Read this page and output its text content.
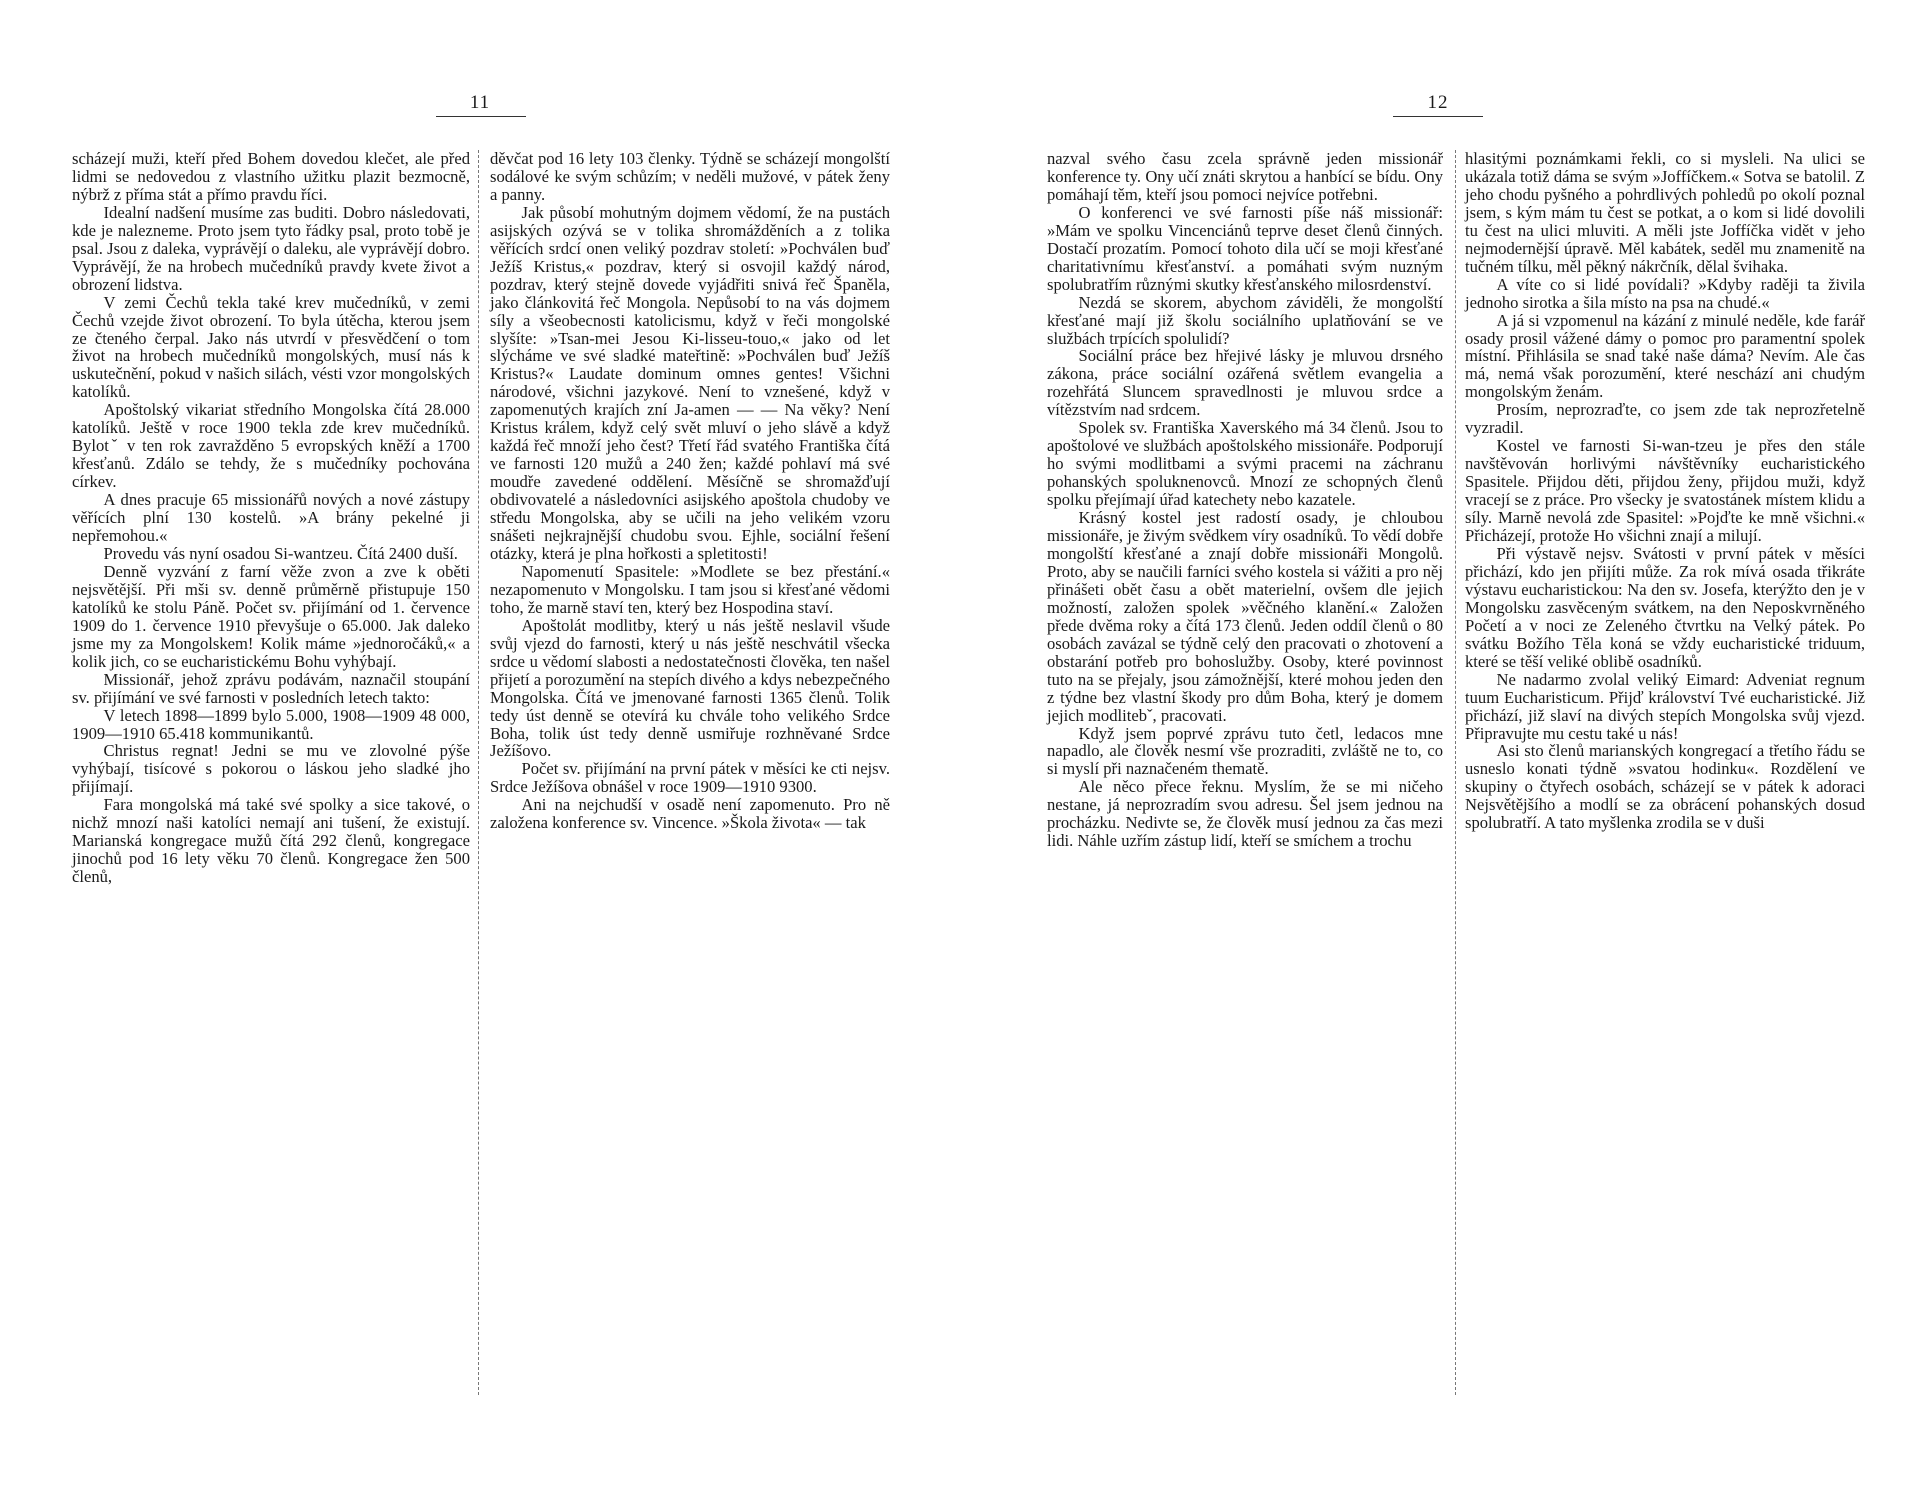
11

scházejí muži, kteří před Bohem dovedou klečet, ale před lidmi se nedovedou z vlastního užitku plazit bezmocně, nýbrž z příma stát a přímo pravdu říci.

Idealní nadšení musíme zas buditi. Dobro následovati, kde je nalezneme. Proto jsem tyto řádky psal, proto tobě je psal. Jsou z daleka, vyprávějí o daleku, ale vyprávějí dobro. Vyprávějí, že na hrobech mučedníků pravdy kvete život a obrození lidstva.

V zemi Čechů tekla také krev mučedníků, v zemi Čechů vzejde život obrození. To byla útěcha, kterou jsem ze čteného čerpal. Jako nás utvrdí v přesvědčení o tom život na hrobech mučedníků mongolských, musí nás k uskutečnění, pokud v našich silách, vésti vzor mongolských katolíků.

Apoštolský vikariat středního Mongolska čítá 28.000 katolíků. Ještě v roce 1900 tekla zde krev mučedníků. Bylotˇ v ten rok zavražděno 5 evropských kněží a 1700 křesťanů. Zdálo se tehdy, že s mučedníky pochována církev.

A dnes pracuje 65 missionářů nových a nové zástupy věřících plní 130 kostelů. »A brány pekelné ji nepřemohou.«

Provedu vás nyní osadou Si-wantzeu. Čítá 2400 duší.

Denně vyzvání z farní věže zvon a zve k oběti nejsvětější. Při mši sv. denně průměrně přistupuje 150 katolíků ke stolu Páně. Počet sv. přijímání od 1. července 1909 do 1. července 1910 převyšuje o 65.000. Jak daleko jsme my za Mongolskem! Kolik máme »jednoročáků,« a kolik jich, co se eucharistickému Bohu vyhýbají.

Missionář, jehož zprávu podávám, naznačil stoupání sv. přijímání ve své farnosti v posledních letech takto:

V letech 1898—1899 bylo 5.000, 1908—1909 48 000, 1909—1910 65.418 kommunikantů.

Christus regnat! Jedni se mu ve zlovolné pýše vyhýbají, tisícové s pokorou o láskou jeho sladké jho přijímají.

Fara mongolská má také své spolky a sice takové, o nichž mnozí naši katolíci nemají ani tušení, že existují. Marianská kongregace mužů čítá 292 členů, kongregace jinochů pod 16 lety věku 70 členů. Kongregace žen 500 členů,

děvčat pod 16 lety 103 členky. Týdně se scházejí mongolští sodálové ke svým schůzím; v neděli mužové, v pátek ženy a panny.

Jak působí mohutným dojmem vědomí, že na pustách asijských ozývá se v tolika shromážděních a z tolika věřících srdcí onen veliký pozdrav století: »Pochválen buď Ježíš Kristus,« pozdrav, který si osvojil každý národ, pozdrav, který stejně dovede vyjádřiti snivá řeč Španěla, jako článkovitá řeč Mongola. Nepůsobí to na vás dojmem síly a všeobecnosti katolicismu, když v řeči mongolské slyšíte: »Tsan-mei Jesou Ki-lisseu-touo,« jako od let slýcháme ve své sladké mateřtině: »Pochválen buď Ježíš Kristus?« Laudate dominum omnes gentes! Všichni národové, všichni jazykové. Není to vznešené, když v zapomenutých krajích zní Ja-amen — — Na věky? Není Kristus králem, když celý svět mluví o jeho slávě a když každá řeč množí jeho čest? Třetí řád svatého Františka čítá ve farnosti 120 mužů a 240 žen; každé pohlaví má své moudře zavedené oddělení. Měsíčně se shromažďují obdivovatelé a následovníci asijského apoštola chudoby ve středu Mongolska, aby se učili na jeho velikém vzoru snášeti nejkrajnější chudobu svou. Ejhle, sociální řešení otázky, která je plna hořkosti a spletitosti!

Napomenutí Spasitele: »Modlete se bez přestání.« nezapomenuto v Mongolsku. I tam jsou si křesťané vědomi toho, že marně staví ten, který bez Hospodina staví.

Apoštolát modlitby, který u nás ještě neslavil všude svůj vjezd do farnosti, který u nás ještě neschvátil všecka srdce u vědomí slabosti a nedostatečnosti člověka, ten našel přijetí a porozumění na stepích divého a kdys nebezpečného Mongolska. Čítá ve jmenované farnosti 1365 členů. Tolik tedy úst denně se otevírá ku chvále toho velikého Srdce Boha, tolik úst tedy denně usmiřuje rozhněvané Srdce Ježíšovo.

Počet sv. přijímání na první pátek v měsíci ke cti nejsv. Srdce Ježíšova obnášel v roce 1909—1910 9300.

Ani na nejchudší v osadě není zapomenuto. Pro ně založena konference sv. Vincence. »Škola života« — tak

12

nazval svého času zcela správně jeden missionář konference ty. Ony učí znáti skrytou a hanbící se bídu. Ony pomáhají těm, kteří jsou pomoci nejvíce potřebni.

O konferenci ve své farnosti píše náš missionář: »Mám ve spolku Vincenciánů teprve deset členů činných. Dostačí prozatím. Pomocí tohoto dila učí se moji křesťané charitativnímu křesťanství. a pomáhati svým nuzným spolubratřím různými skutky křesťanského milosrdenství.

Nezdá se skorem, abychom záviděli, že mongolští křesťané mají již školu sociálního uplatňování se ve službách trpících spolulidí?

Sociální práce bez hřejivé lásky je mluvou drsného zákona, práce sociální ozářená světlem evangelia a rozehřátá Sluncem spravedlnosti je mluvou srdce a vítězstvím nad srdcem.

Spolek sv. Františka Xaverského má 34 členů. Jsou to apoštolové ve službách apoštolského missionáře. Podporují ho svými modlitbami a svými pracemi na záchranu pohanských spoluknenovců. Mnozí ze schopných členů spolku přejímají úřad katechety nebo kazatele.

Krásný kostel jest radostí osady, je chloubou missionáře, je živým svědkem víry osadníků. To vědí dobře mongolští křesťané a znají dobře missionáři Mongolů. Proto, aby se naučili farníci svého kostela si vážiti a pro něj přinášeti obět času a obět materielní, ovšem dle jejich možností, založen spolek »věčného klanění.« Založen přede dvěma roky a čítá 173 členů. Jeden oddíl členů o 80 osobách zavázal se týdně celý den pracovati o zhotovení a obstarání potřeb pro bohoslužby. Osoby, které povinnost tuto na se přejaly, jsou zámožnější, které mohou jeden den z týdne bez vlastní škody pro dům Boha, který je domem jejich modlitebˇ, pracovati.

Když jsem poprvé zprávu tuto četl, ledacos mne napadlo, ale člověk nesmí vše prozraditi, zvláště ne to, co si myslí při naznačeném thematě.

Ale něco přece řeknu. Myslím, že se mi ničeho nestane, já neprozradím svou adresu. Šel jsem jednou na procházku. Nedivte se, že člověk musí jednou za čas mezi lidi. Náhle uzřím zástup lidí, kteří se smíchem a trochu

hlasitými poznámkami řekli, co si mysleli. Na ulici se ukázala totiž dáma se svým »Joffíčkem.« Sotva se batolil. Z jeho chodu pyšného a pohrdlivých pohledů po okolí poznal jsem, s kým mám tu čest se potkat, a o kom si lidé dovolili tu čest na ulici mluviti. A měli jste Joffíčka vidět v jeho nejmodernější úpravě. Měl kabátek, seděl mu znamenitě na tučném tílku, měl pěkný nákrčník, dělal švihaka.

A víte co si lidé povídali? »Kdyby raději ta živila jednoho sirotka a šila místo na psa na chudé.«

A já si vzpomenul na kázání z minulé neděle, kde farář osady prosil vážené dámy o pomoc pro paramentní spolek místní. Přihlásila se snad také naše dáma? Nevím. Ale čas má, nemá však porozumění, které neschází ani chudým mongolským ženám.

Prosím, neprozraďte, co jsem zde tak neprozřetelně vyzradil.

Kostel ve farnosti Si-wan-tzeu je přes den stále navštěvován horlivými návštěvníky eucharistického Spasitele. Přijdou děti, přijdou ženy, přijdou muži, když vracejí se z práce. Pro všecky je svatostánek místem klidu a síly. Marně nevolá zde Spasitel: »Pojďte ke mně všichni.« Přicházejí, protože Ho všichni znají a milují.

Při výstavě nejsv. Svátosti v první pátek v měsíci přichází, kdo jen přijíti může. Za rok mívá osada třikráte výstavu eucharistickou: Na den sv. Josefa, kterýžto den je v Mongolsku zasvěceným svátkem, na den Neposkvrněného Početí a v noci ze Zeleného čtvrtku na Velký pátek. Po svátku Božího Těla koná se vždy eucharistické triduum, které se těší veliké oblibě osadníků.

Ne nadarmo zvolal veliký Eimard: Adveniat regnum tuum Eucharisticum. Přijď království Tvé eucharistické. Již přichází, již slaví na divých stepích Mongolska svůj vjezd. Připravujte mu cestu také u nás!

Asi sto členů marianských kongregací a třetího řádu se usneslo konati týdně »svatou hodinku«. Rozdělení ve skupiny o čtyřech osobách, scházejí se v pátek k adoraci Nejsvětějšího a modlí se za obrácení pohanských dosud spolubratří. A tato myšlenka zrodila se v duši
